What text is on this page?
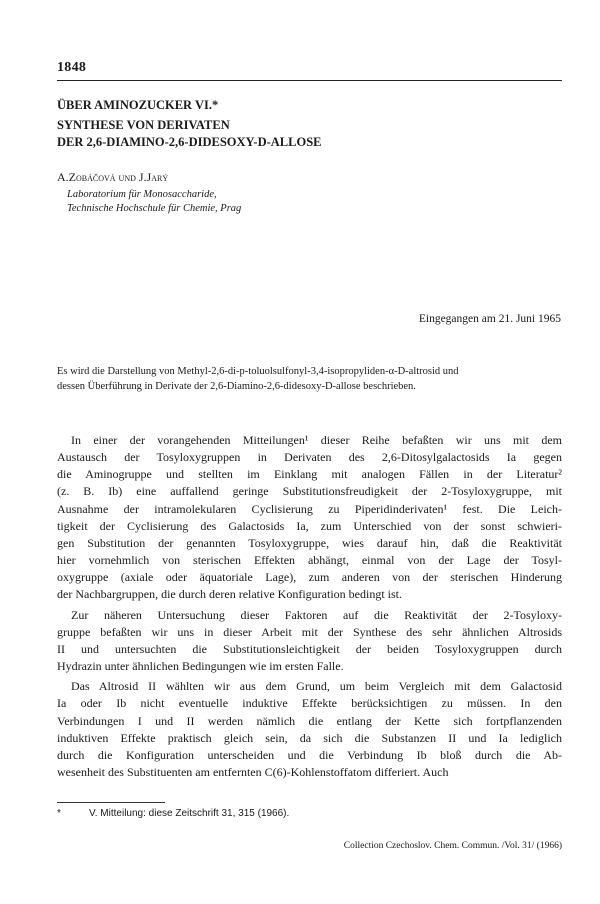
1848
ÜBER AMINOZUCKER VI.*
SYNTHESE VON DERIVATEN
DER 2,6-DIAMINO-2,6-DIDESOXY-D-ALLOSE
A.Zobáčová und J.Jarý
Laboratorium für Monosaccharide,
Technische Hochschule für Chemie, Prag
Eingegangen am 21. Juni 1965
Es wird die Darstellung von Methyl-2,6-di-p-toluolsulfonyl-3,4-isopropyliden-α-D-altrosid und
dessen Überführung in Derivate der 2,6-Diamino-2,6-didesoxy-D-allose beschrieben.
In einer der vorangehenden Mitteilungen¹ dieser Reihe befaßten wir uns mit dem
Austausch der Tosyloxygruppen in Derivaten des 2,6-Ditosylgalactosids Ia gegen
die Aminogruppe und stellten im Einklang mit analogen Fällen in der Literatur²
(z. B. Ib) eine auffallend geringe Substitutionsfreudigkeit der 2-Tosyloxygruppe, mit
Ausnahme der intramolekularen Cyclisierung zu Piperidinderivaten¹ fest. Die Leich-
tigkeit der Cyclisierung des Galactosids Ia, zum Unterschied von der sonst schwieri-
gen Substitution der genannten Tosyloxygruppe, wies darauf hin, daß die Reaktivität
hier vornehmlich von sterischen Effekten abhängt, einmal von der Lage der Tosyl-
oxygruppe (axiale oder äquatoriale Lage), zum anderen von der sterischen Hinderung
der Nachbargruppen, die durch deren relative Konfiguration bedingt ist.
Zur näheren Untersuchung dieser Faktoren auf die Reaktivität der 2-Tosyloxy-
gruppe befaßten wir uns in dieser Arbeit mit der Synthese des sehr ähnlichen Altrosids
II und untersuchten die Substitutionsleichtigkeit der beiden Tosyloxygruppen durch
Hydrazin unter ähnlichen Bedingungen wie im ersten Falle.
Das Altrosid II wählten wir aus dem Grund, um beim Vergleich mit dem Galactosid
Ia oder Ib nicht eventuelle induktive Effekte berücksichtigen zu müssen. In den
Verbindungen I und II werden nämlich die entlang der Kette sich fortpflanzenden
induktiven Effekte praktisch gleich sein, da sich die Substanzen II und Ia lediglich
durch die Konfiguration unterscheiden und die Verbindung Ib bloß durch die Ab-
wesenheit des Substituenten am entfernten C(6)-Kohlenstoffatom differiert. Auch
*	V. Mitteilung: diese Zeitschrift 31, 315 (1966).
Collection Czechoslov. Chem. Commun. /Vol. 31/ (1966)
